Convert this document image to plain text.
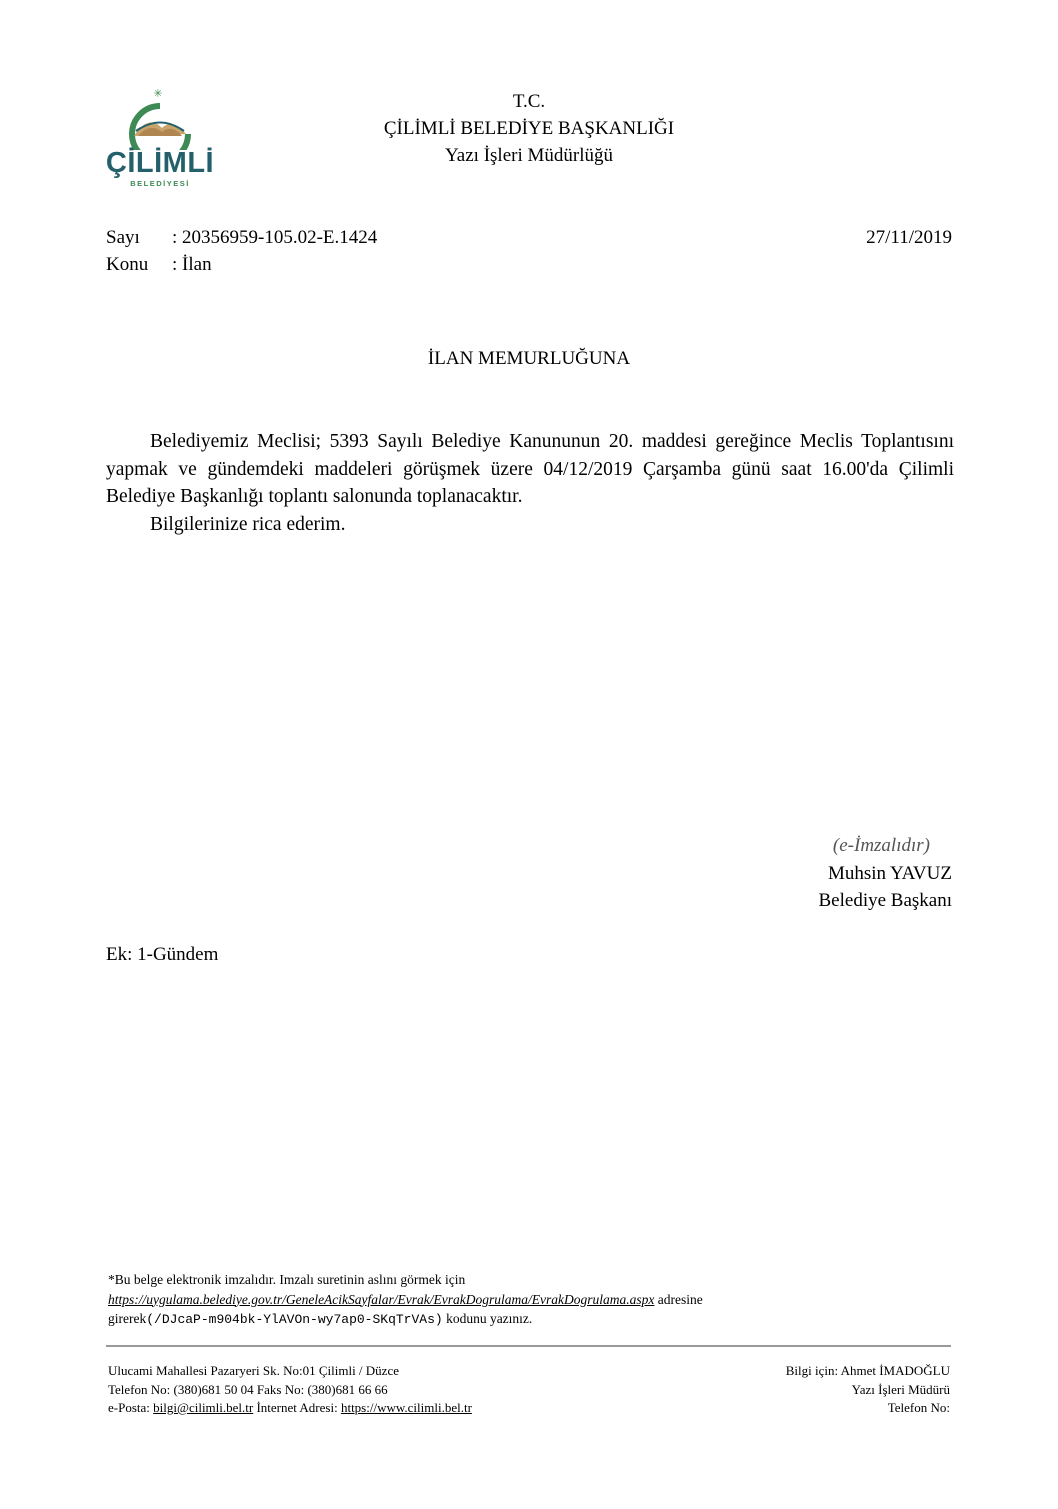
✳
ÇİLİMLİ
BELEDİYESİ
T.C.
ÇİLİMLİ BELEDİYE BAŞKANLIĞI
Yazı İşleri Müdürlüğü
Sayı : 20356959-105.02-E.1424
Konu : İlan
27/11/2019
İLAN MEMURLUĞUNA

Belediyemiz Meclisi; 5393 Sayılı Belediye Kanununun 20. maddesi gereğince Meclis Toplantısını yapmak ve gündemdeki maddeleri görüşmek üzere 04/12/2019 Çarşamba günü saat 16.00'da Çilimli Belediye Başkanlığı toplantı salonunda toplanacaktır.

Bilgilerinize rica ederim.

(e-İmzalıdır)
Muhsin YAVUZ
Belediye Başkanı
Ek: 1-Gündem
*Bu belge elektronik imzalıdır. Imzalı suretinin aslını görmek için
https://uygulama.belediye.gov.tr/GeneleAcikSayfalar/Evrak/EvrakDogrulama/EvrakDogrulama.aspx adresine
girerek(/DJcaP-m904bk-YlAVOn-wy7ap0-SKqTrVAs) kodunu yazınız.
Ulucami Mahallesi Pazaryeri Sk. No:01 Çilimli / Düzce
Telefon No: (380)681 50 04 Faks No: (380)681 66 66
e-Posta: bilgi@cilimli.bel.tr İnternet Adresi: https://www.cilimli.bel.tr
Bilgi için: Ahmet İMADOĞLU
Yazı İşleri Müdürü
Telefon No:
